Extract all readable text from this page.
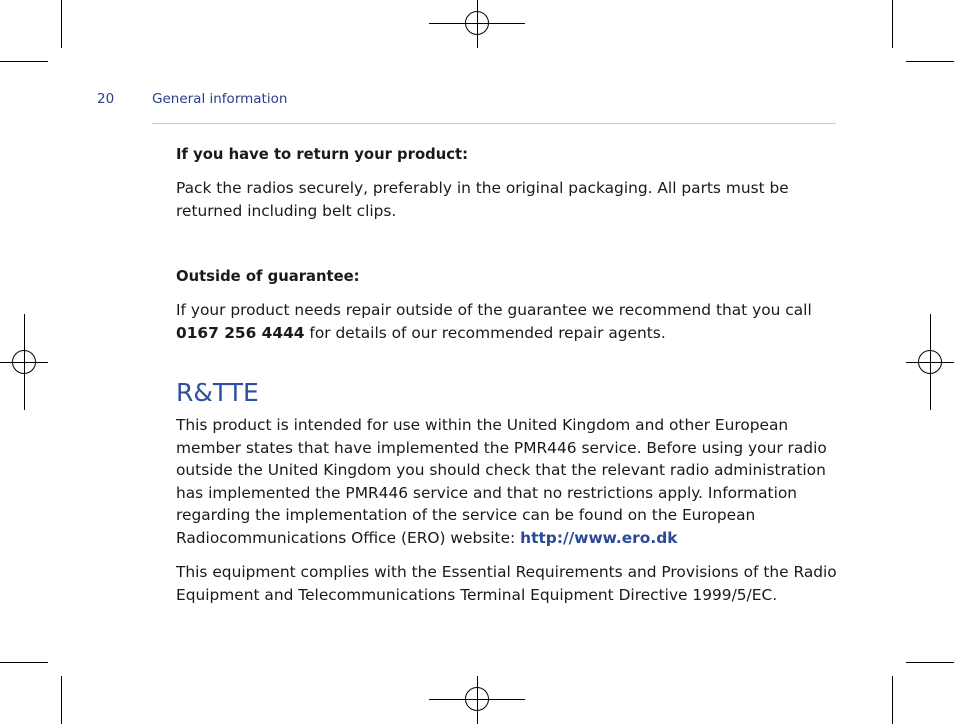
20	General information

If you have to return your product:

Pack the radios securely, preferably in the original packaging. All parts must be returned including belt clips.

Outside of guarantee:

If your product needs repair outside of the guarantee we recommend that you call
0167 256 4444 for details of our recommended repair agents.

R&TTE

This product is intended for use within the United Kingdom and other European member states that have implemented the PMR446 service. Before using your radio outside the United Kingdom you should check that the relevant radio administration has implemented the PMR446 service and that no restrictions apply. Information regarding the implementation of the service can be found on the European Radiocommunications Office (ERO) website: http://www.ero.dk

This equipment complies with the Essential Requirements and Provisions of the Radio Equipment and Telecommunications Terminal Equipment Directive 1999/5/EC.
